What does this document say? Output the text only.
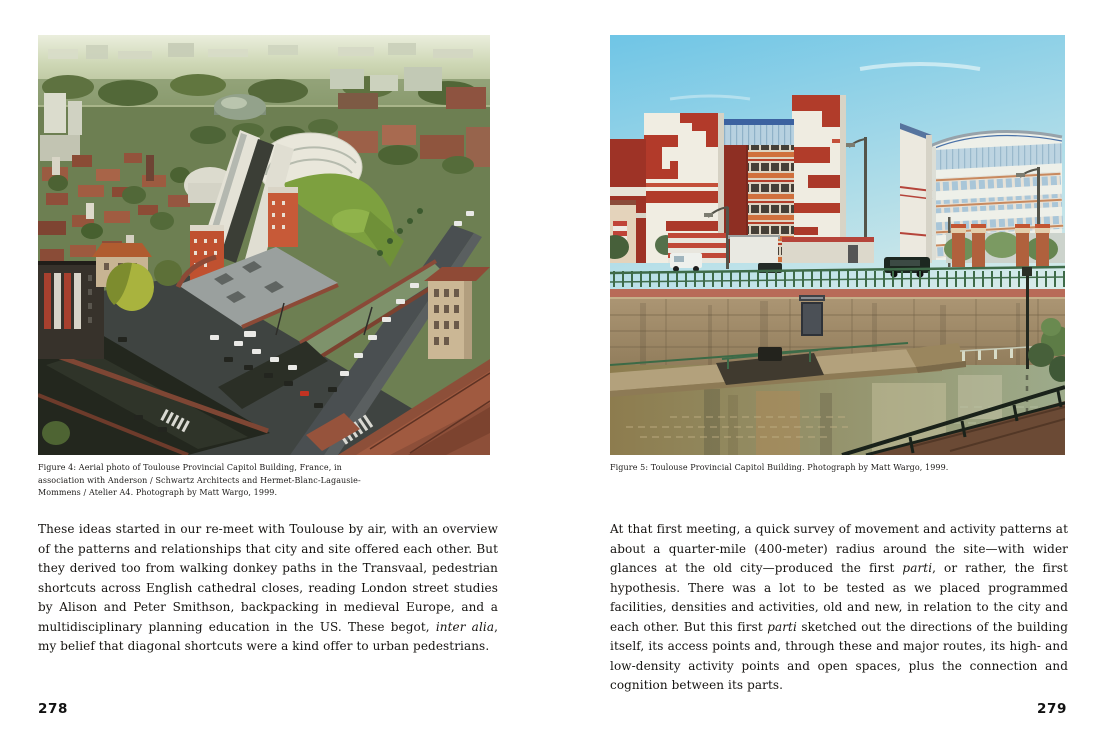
Figure 4: Aerial photo of Toulouse Provincial Capitol Building, France, in association with Anderson / Schwartz Architects and Hermet-Blanc-Lagausie-Mommens / Atelier A4. Photograph by Matt Wargo, 1999.

These ideas started in our re-meet with Toulouse by air, with an overview of the patterns and relationships that city and site offered each other. But they derived too from walking donkey paths in the Transvaal, pedestrian shortcuts across English cathedral closes, reading London street studies by Alison and Peter Smithson, backpacking in medieval Europe, and a multidisciplinary planning education in the US. These begot, inter alia, my belief that diagonal shortcuts were a kind offer to urban pedestrians.

278
Figure 5: Toulouse Provincial Capitol Building. Photograph by Matt Wargo, 1999.

At that first meeting, a quick survey of movement and activity patterns at about a quarter-mile (400-meter) radius around the site—with wider glances at the old city—produced the first parti, or rather, the first hypothesis. There was a lot to be tested as we placed programmed facilities, densities and activities, old and new, in relation to the city and each other. But this first parti sketched out the directions of the building itself, its access points and, through these and major routes, its high- and low-density activity points and open spaces, plus the connection and cognition between its parts.

279
